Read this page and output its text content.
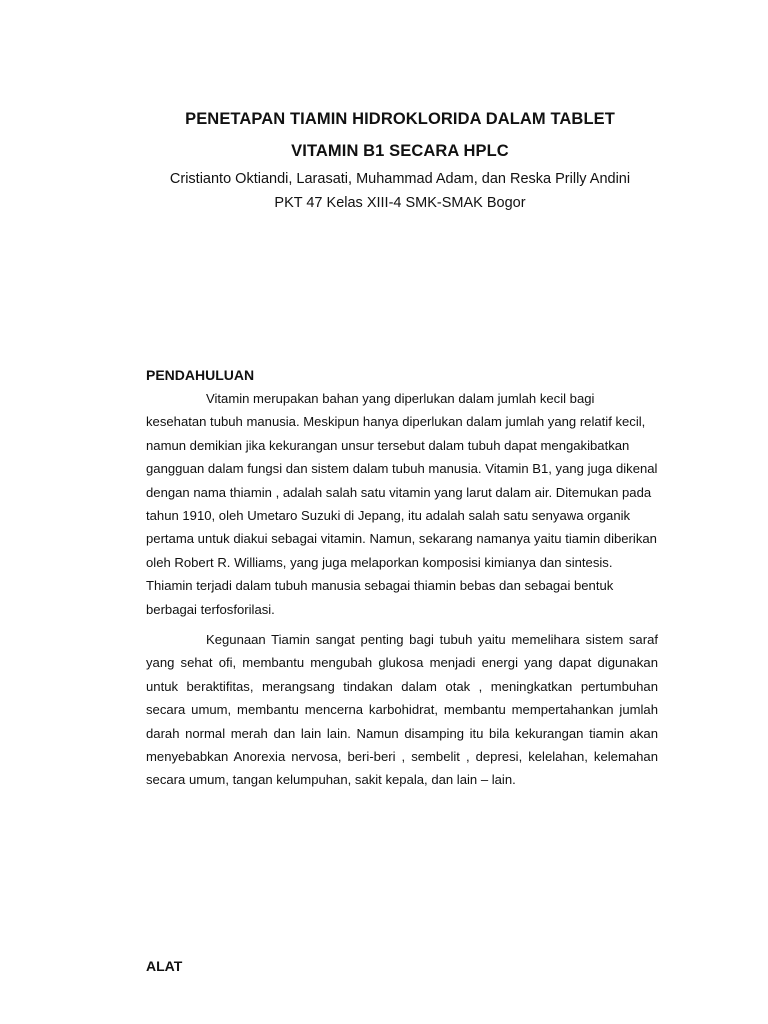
PENETAPAN TIAMIN HIDROKLORIDA DALAM TABLET
VITAMIN B1 SECARA HPLC

Cristianto Oktiandi, Larasati, Muhammad Adam, dan Reska Prilly Andini

PKT 47 Kelas XIII-4 SMK-SMAK Bogor

PENDAHULUAN

Vitamin merupakan bahan yang diperlukan dalam jumlah kecil bagi kesehatan tubuh manusia. Meskipun hanya diperlukan dalam jumlah yang relatif kecil, namun demikian jika kekurangan unsur tersebut dalam tubuh dapat mengakibatkan gangguan dalam fungsi dan sistem dalam tubuh manusia. Vitamin B1, yang juga dikenal dengan nama thiamin , adalah salah satu vitamin yang larut dalam air. Ditemukan pada tahun 1910, oleh Umetaro Suzuki di Jepang, itu adalah salah satu senyawa organik pertama untuk diakui sebagai vitamin. Namun, sekarang namanya yaitu tiamin diberikan oleh Robert R. Williams, yang juga melaporkan komposisi kimianya dan sintesis. Thiamin terjadi dalam tubuh manusia sebagai thiamin bebas dan sebagai bentuk berbagai terfosforilasi.

Kegunaan Tiamin sangat penting bagi tubuh yaitu memelihara sistem saraf yang sehat ofi, membantu mengubah glukosa menjadi energi yang dapat digunakan untuk beraktifitas, merangsang tindakan dalam otak , meningkatkan pertumbuhan secara umum, membantu mencerna karbohidrat, membantu mempertahankan jumlah darah normal merah dan lain lain. Namun disamping itu bila kekurangan tiamin akan menyebabkan Anorexia nervosa, beri-beri , sembelit , depresi, kelelahan, kelemahan secara umum, tangan kelumpuhan, sakit kepala, dan lain – lain.

ALAT
